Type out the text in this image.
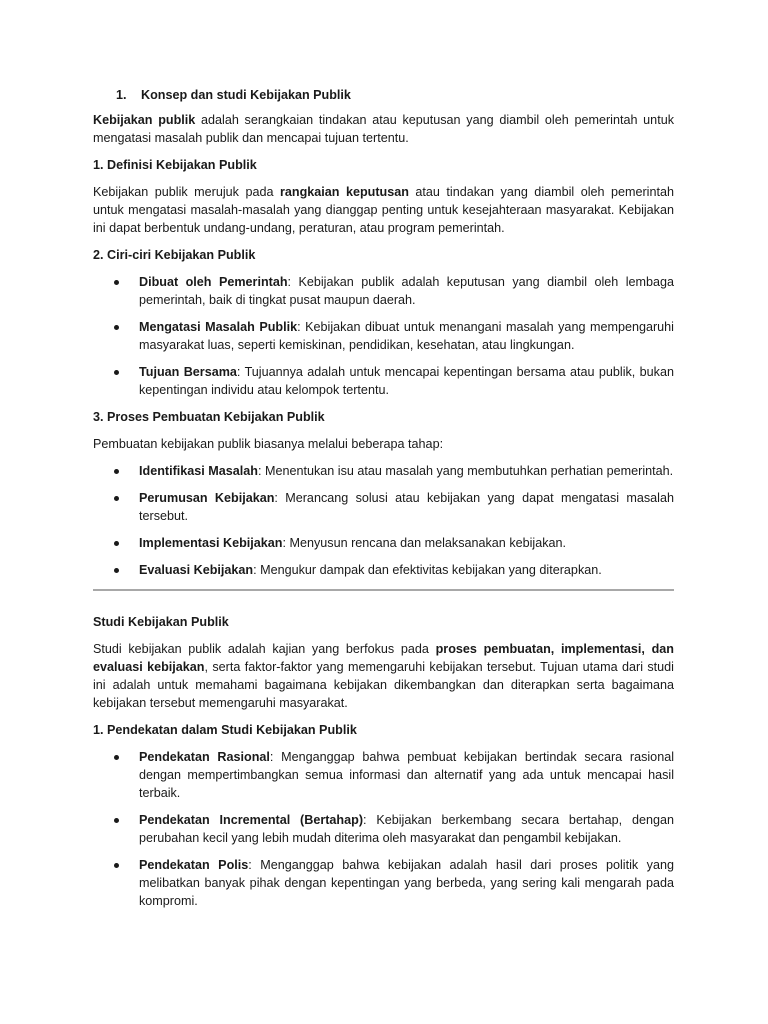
1.	Konsep dan studi Kebijakan Publik

Kebijakan publik adalah serangkaian tindakan atau keputusan yang diambil oleh pemerintah untuk mengatasi masalah publik dan mencapai tujuan tertentu.

1. Definisi Kebijakan Publik

Kebijakan publik merujuk pada rangkaian keputusan atau tindakan yang diambil oleh pemerintah untuk mengatasi masalah-masalah yang dianggap penting untuk kesejahteraan masyarakat. Kebijakan ini dapat berbentuk undang-undang, peraturan, atau program pemerintah.

2. Ciri-ciri Kebijakan Publik

Dibuat oleh Pemerintah: Kebijakan publik adalah keputusan yang diambil oleh lembaga pemerintah, baik di tingkat pusat maupun daerah.
Mengatasi Masalah Publik: Kebijakan dibuat untuk menangani masalah yang mempengaruhi masyarakat luas, seperti kemiskinan, pendidikan, kesehatan, atau lingkungan.
Tujuan Bersama: Tujuannya adalah untuk mencapai kepentingan bersama atau publik, bukan kepentingan individu atau kelompok tertentu.

3. Proses Pembuatan Kebijakan Publik

Pembuatan kebijakan publik biasanya melalui beberapa tahap:

Identifikasi Masalah: Menentukan isu atau masalah yang membutuhkan perhatian pemerintah.
Perumusan Kebijakan: Merancang solusi atau kebijakan yang dapat mengatasi masalah tersebut.
Implementasi Kebijakan: Menyusun rencana dan melaksanakan kebijakan.
Evaluasi Kebijakan: Mengukur dampak dan efektivitas kebijakan yang diterapkan.

Studi Kebijakan Publik

Studi kebijakan publik adalah kajian yang berfokus pada proses pembuatan, implementasi, dan evaluasi kebijakan, serta faktor-faktor yang memengaruhi kebijakan tersebut. Tujuan utama dari studi ini adalah untuk memahami bagaimana kebijakan dikembangkan dan diterapkan serta bagaimana kebijakan tersebut memengaruhi masyarakat.

1. Pendekatan dalam Studi Kebijakan Publik

Pendekatan Rasional: Menganggap bahwa pembuat kebijakan bertindak secara rasional dengan mempertimbangkan semua informasi dan alternatif yang ada untuk mencapai hasil terbaik.
Pendekatan Incremental (Bertahap): Kebijakan berkembang secara bertahap, dengan perubahan kecil yang lebih mudah diterima oleh masyarakat dan pengambil kebijakan.
Pendekatan Polis: Menganggap bahwa kebijakan adalah hasil dari proses politik yang melibatkan banyak pihak dengan kepentingan yang berbeda, yang sering kali mengarah pada kompromi.
